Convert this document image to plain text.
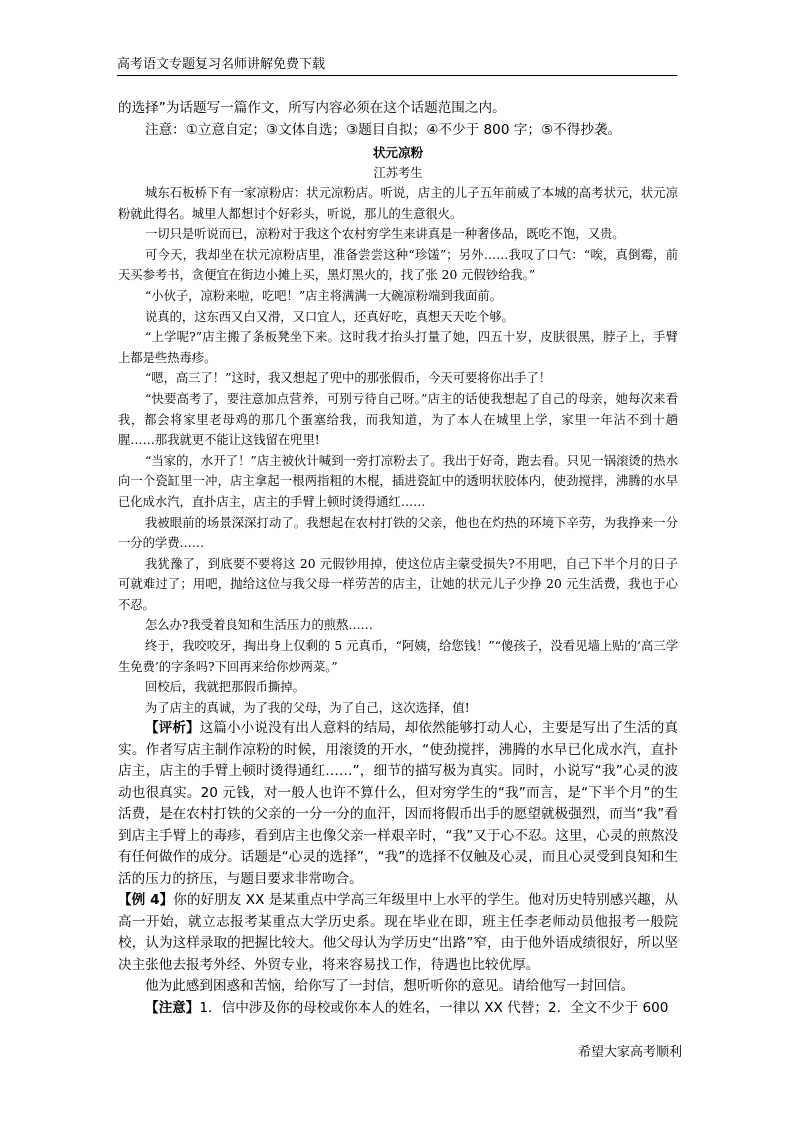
高考语文专题复习名师讲解免费下载

的选择”为话题写一篇作文，所写内容必须在这个话题范围之内。

注意：①立意自定；③文体自选；③题目自拟；④不少于 800 字；⑤不得抄袭。

状元凉粉

江苏考生

城东石板桥下有一家凉粉店：状元凉粉店。听说，店主的儿子五年前威了本城的高考状元，状元凉粉就此得名。城里人都想讨个好彩头，听说，那儿的生意很火。

一切只是听说而已，凉粉对于我这个农村穷学生来讲真是一种奢侈品，既吃不饱，又贵。

可今天，我却坐在状元凉粉店里，准备尝尝这种“珍馐”；另外……我叹了口气：“唉，真倒霉，前天买参考书，贪便宜在街边小摊上买，黑灯黑火的，找了张 20 元假钞给我。”

“小伙子，凉粉来啦，吃吧！”店主将满满一大碗凉粉端到我面前。

说真的，这东西又白又滑，又口宜人，还真好吃，真想天天吃个够。

“上学呢?”店主搬了条板凳坐下来。这时我才抬头打量了她，四五十岁，皮肤很黑，脖子上，手臂上都是些热毒疹。

“嗯，高三了！”这时，我又想起了兜中的那张假币，今天可要将你出手了！

“快要高考了，要注意加点营养，可别亏待自己呀。”店主的话使我想起了自己的母亲，她每次来看我，都会将家里老母鸡的那几个蛋塞给我，而我知道，为了本人在城里上学，家里一年沾不到十趟腥……那我就更不能让这钱留在兜里!

“当家的，水开了！”店主被伙计喊到一旁打凉粉去了。我出于好奇，跑去看。只见一锅滚烫的热水向一个瓷缸里一冲，店主拿起一根两指粗的木棍，插进瓷缸中的透明状胶体内，使劲搅拌，沸腾的水早已化成水汽，直扑店主，店主的手臂上顿时烫得通红……

我被眼前的场景深深打动了。我想起在农村打铁的父亲，他也在灼热的环境下辛劳，为我挣来一分一分的学费……

我犹豫了，到底要不要将这 20 元假钞用掉，使这位店主蒙受损失?不用吧，自己下半个月的日子可就难过了；用吧，抛给这位与我父母一样劳苦的店主，让她的状元儿子少挣 20 元生活费，我也于心不忍。

怎么办?我受着良知和生活压力的煎熬……

终于，我咬咬牙，掏出身上仅剩的 5 元真币，“阿姨，给您钱！”“傻孩子，没看见墙上贴的‘高三学生免费’的字条吗?下回再来给你炒两菜。”

回校后，我就把那假币撕掉。

为了店主的真诚，为了我的父母，为了自己，这次选择，值!

【评析】这篇小小说没有出人意料的结局，却依然能够打动人心，主要是写出了生活的真实。作者写店主制作凉粉的时候，用滚烫的开水，“使劲搅拌，沸腾的水早已化成水汽，直扑店主，店主的手臂上顿时烫得通红……”，细节的描写极为真实。同时，小说写“我”心灵的波动也很真实。20 元钱，对一般人也许不算什么，但对穷学生的“我”而言，是“下半个月”的生活费，是在农村打铁的父亲的一分一分的血汗，因而将假币出手的愿望就极强烈，而当“我”看到店主手臂上的毒疹，看到店主也像父亲一样艰辛时，“我”又于心不忍。这里，心灵的煎熬没有任何做作的成分。话题是“心灵的选择”，“我”的选择不仅触及心灵，而且心灵受到良知和生活的压力的挤压，与题目要求非常吻合。

【例 4】你的好朋友 XX 是某重点中学高三年级里中上水平的学生。他对历史特别感兴趣，从高一开始，就立志报考某重点大学历史系。现在毕业在即，班主任李老师动员他报考一般院校，认为这样录取的把握比较大。他父母认为学历史“出路”窄，由于他外语成绩很好，所以坚决主张他去报考外经、外贸专业，将来容易找工作，待遇也比较优厚。

他为此感到困惑和苦恼，给你写了一封信，想听听你的意见。请给他写一封回信。

【注意】1．信中涉及你的母校或你本人的姓名，一律以 XX 代替；2．全文不少于 600

希望大家高考顺利
